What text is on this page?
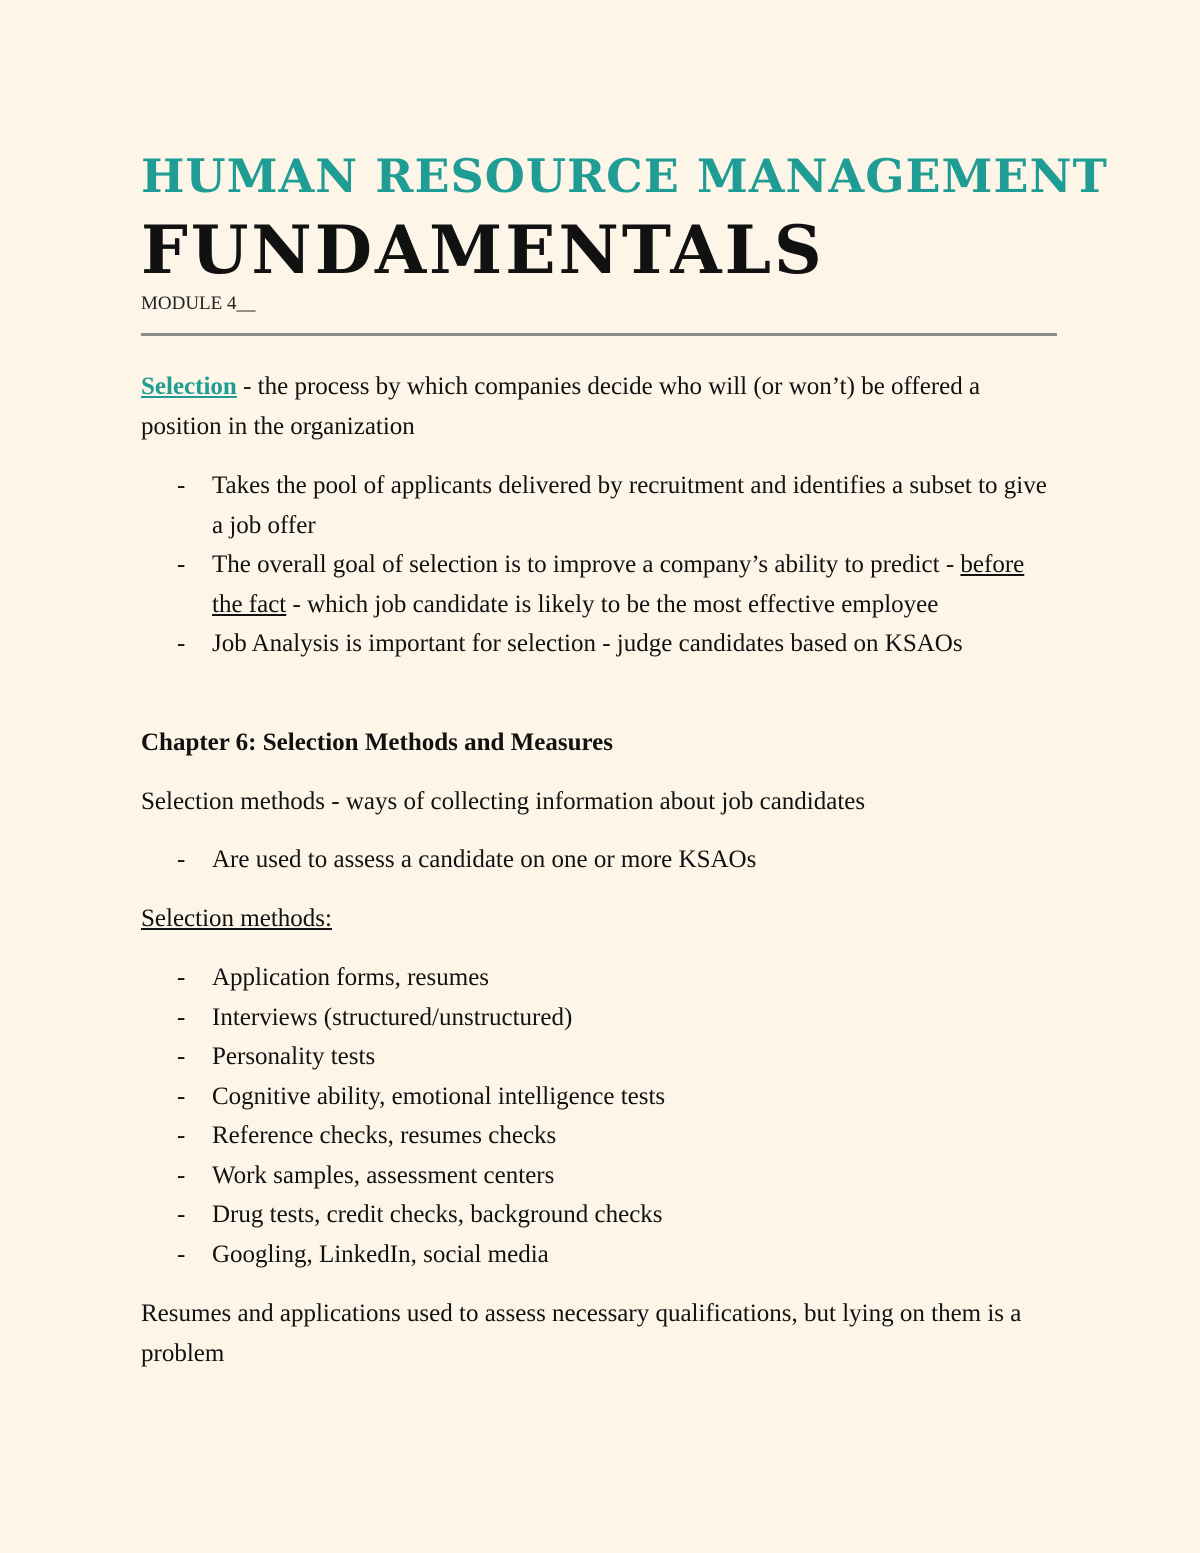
HUMAN RESOURCE MANAGEMENT
FUNDAMENTALS
MODULE 4__
Selection - the process by which companies decide who will (or won’t) be offered a position in the organization
- Takes the pool of applicants delivered by recruitment and identifies a subset to give a job offer
- The overall goal of selection is to improve a company’s ability to predict - before the fact - which job candidate is likely to be the most effective employee
- Job Analysis is important for selection - judge candidates based on KSAOs
Chapter 6: Selection Methods and Measures
Selection methods - ways of collecting information about job candidates
- Are used to assess a candidate on one or more KSAOs
Selection methods:
- Application forms, resumes
- Interviews (structured/unstructured)
- Personality tests
- Cognitive ability, emotional intelligence tests
- Reference checks, resumes checks
- Work samples, assessment centers
- Drug tests, credit checks, background checks
- Googling, LinkedIn, social media
Resumes and applications used to assess necessary qualifications, but lying on them is a problem
